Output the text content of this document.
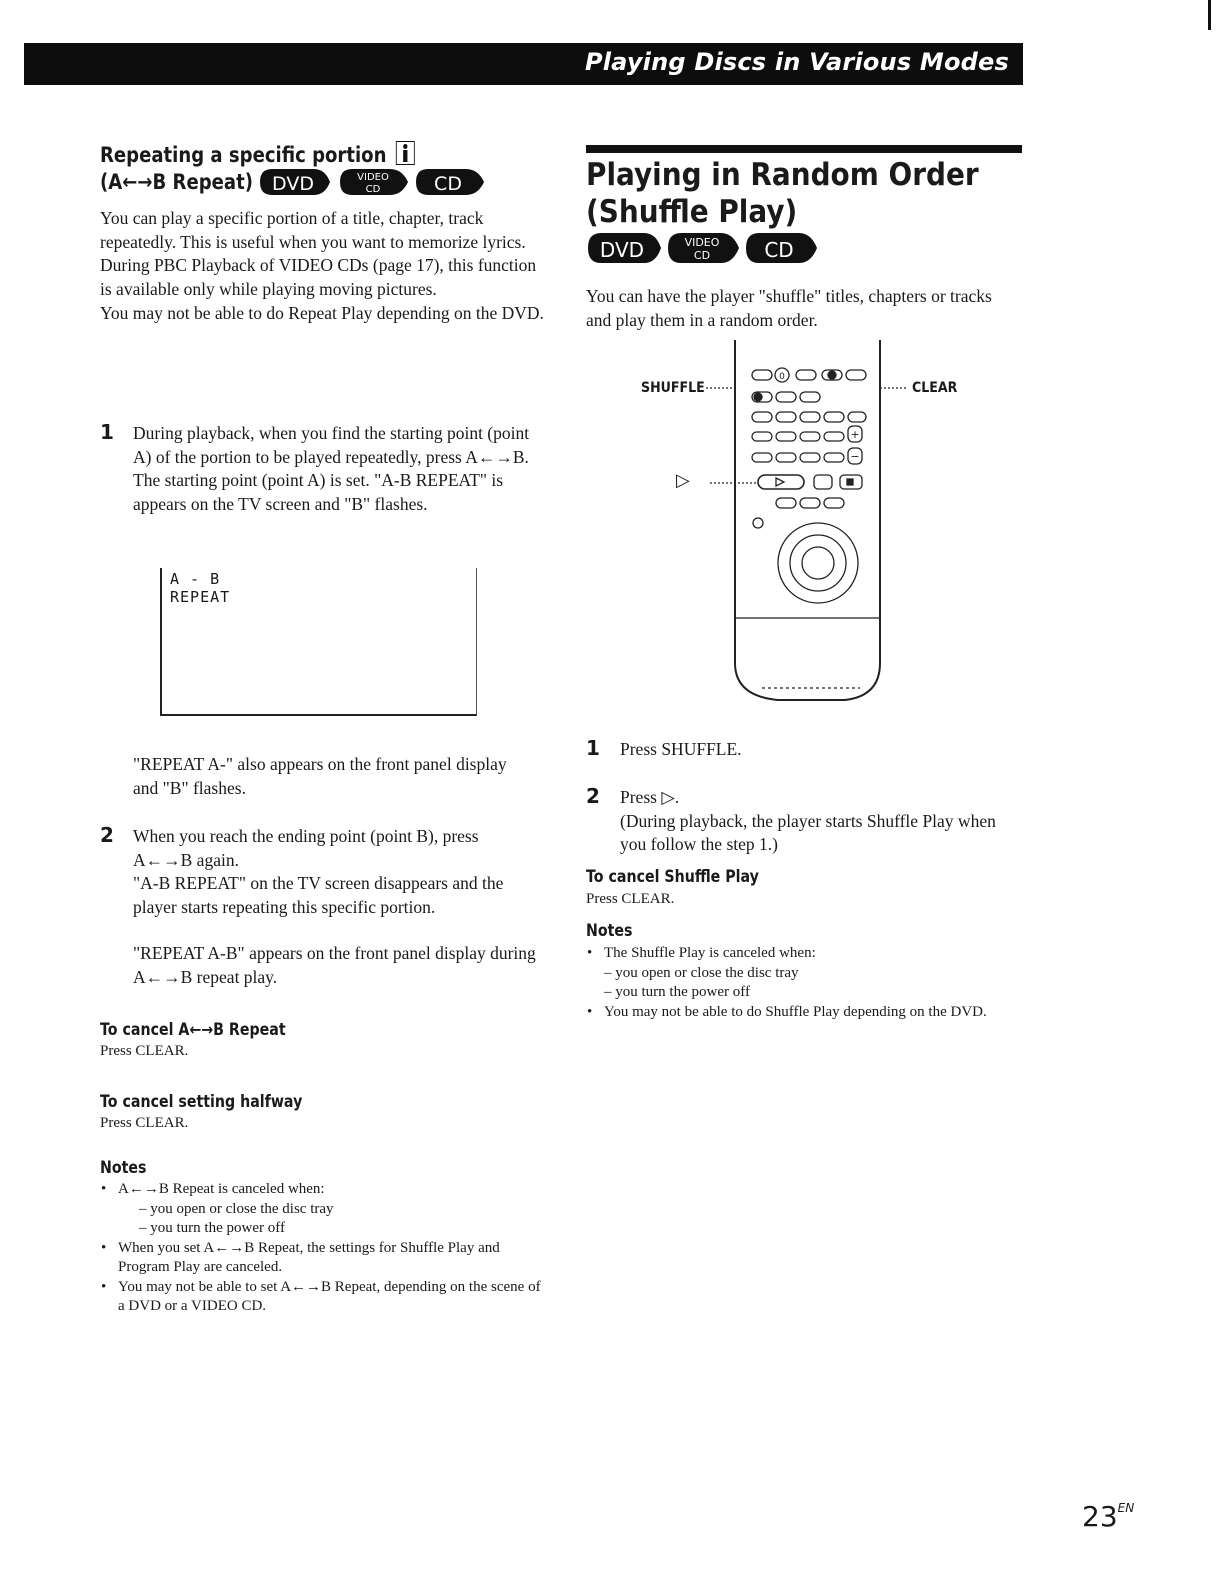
Playing Discs in Various Modes
Repeating a specific portion
(A←→B Repeat)	DVD	VIDEO
CD	CD

You can play a specific portion of a title, chapter, track repeatedly. This is useful when you want to memorize lyrics.

During PBC Playback of VIDEO CDs (page 17), this function is available only while playing moving pictures.

You may not be able to do Repeat Play depending on the DVD.

1 During playback, when you find the starting point (point A) of the portion to be played repeatedly, press A←→B.

The starting point (point A) is set. "A-B REPEAT" is appears on the TV screen and "B" flashes.

A - B
REPEAT
"REPEAT A-" also appears on the front panel display and "B" flashes.
2 When you reach the ending point (point B), press A←→B again.

"A-B REPEAT" on the TV screen disappears and the player starts repeating this specific portion.

"REPEAT A-B" appears on the front panel display during A←→B repeat play.
To cancel A←→B Repeat
Press CLEAR.
To cancel setting halfway
Press CLEAR.
Notes
• A←→B Repeat is canceled when:
– you open or close the disc tray
– you turn the power off
• When you set A←→B Repeat, the settings for Shuffle Play and Program Play are canceled.
• You may not be able to set A←→B Repeat, depending on the scene of a DVD or a VIDEO CD.
Playing in Random Order
(Shuffle Play)
DVD	VIDEO
CD	CD
You can have the player "shuffle" titles, chapters or tracks and play them in a random order.
SHUFFLE	CLEAR
▷
0
+
−
1 Press SHUFFLE.
2 Press ▷.

(During playback, the player starts Shuffle Play when you follow the step 1.)

To cancel Shuffle Play
Press CLEAR.
Notes
• The Shuffle Play is canceled when:
– you open or close the disc tray
– you turn the power off
• You may not be able to do Shuffle Play depending on the DVD.
$23^{EN}$
